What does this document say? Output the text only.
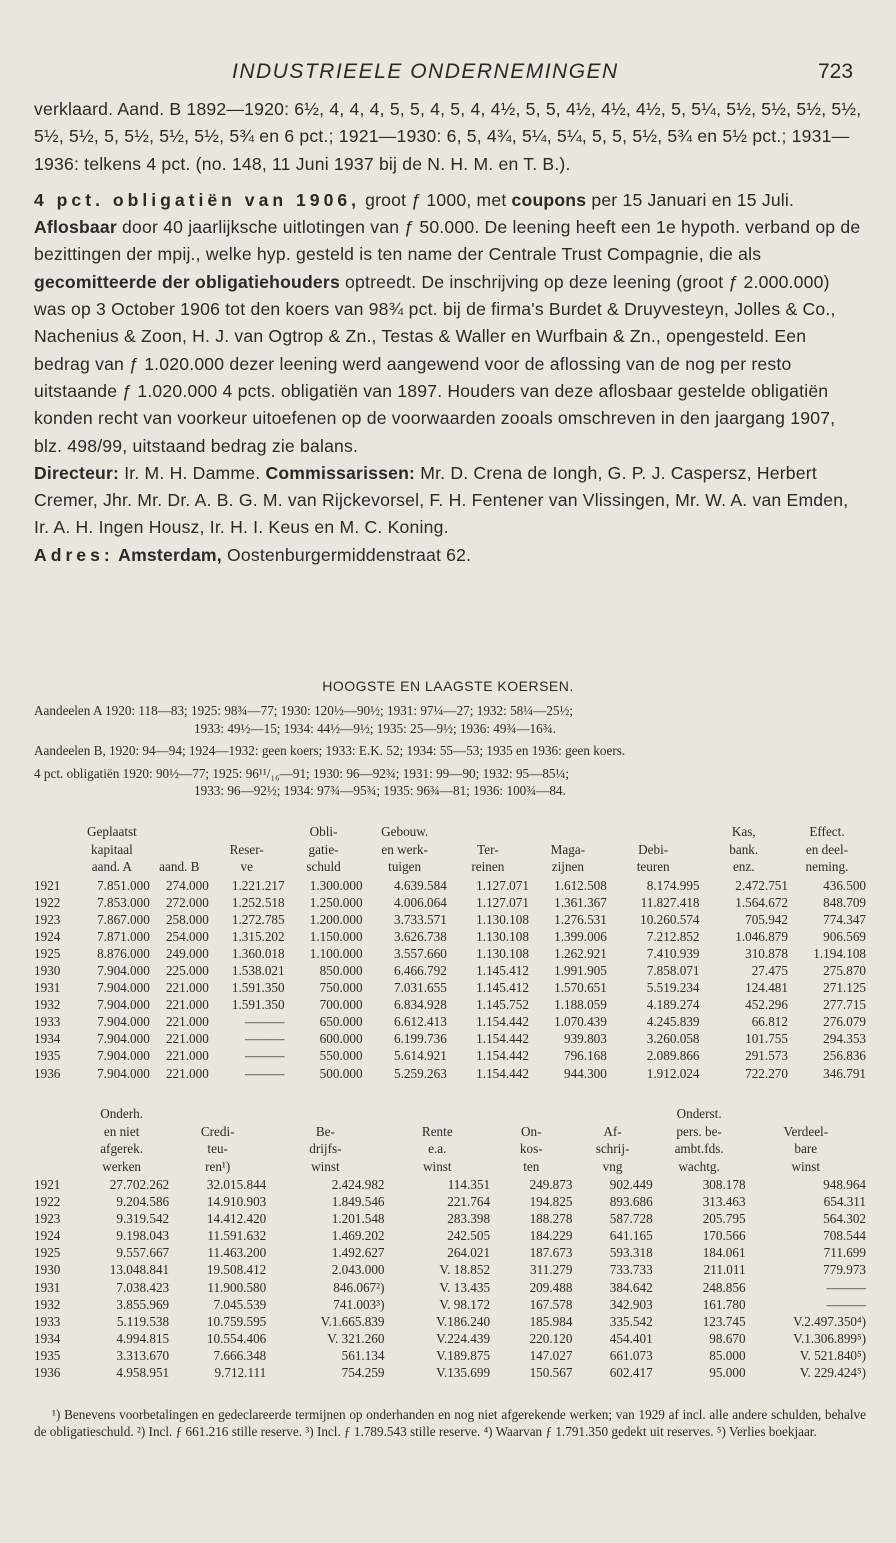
INDUSTRIEELE ONDERNEMINGEN	723

verklaard. Aand. B 1892—1920: 6½, 4, 4, 4, 5, 5, 4, 5, 4, 4½, 5, 5, 4½, 4½, 4½, 5, 5¼, 5½, 5½, 5½, 5½, 5½, 5½, 5, 5½, 5½, 5½, 5¾ en 6 pct.; 1921—1930: 6, 5, 4¾, 5¼, 5¼, 5, 5, 5½, 5¾ en 5½ pct.; 1931—1936: telkens 4 pct. (no. 148, 11 Juni 1937 bij de N. H. M. en T. B.).

4 pct. obligatiën van 1906, groot ƒ 1000, met coupons per 15 Januari en 15 Juli. Aflosbaar door 40 jaarlijksche uitlotingen van ƒ 50.000. De leening heeft een 1e hypoth. verband op de bezittingen der mpij., welke hyp. gesteld is ten name der Centrale Trust Compagnie, die als gecomitteerde der obligatiehouders optreedt. De inschrijving op deze leening (groot ƒ 2.000.000) was op 3 October 1906 tot den koers van 98¾ pct. bij de firma's Burdet & Druyvesteyn, Jolles & Co., Nachenius & Zoon, H. J. van Ogtrop & Zn., Testas & Waller en Wurfbain & Zn., opengesteld. Een bedrag van ƒ 1.020.000 dezer leening werd aangewend voor de aflossing van de nog per resto uitstaande ƒ 1.020.000 4 pcts. obligatiën van 1897. Houders van deze aflosbaar gestelde obligatiën konden recht van voorkeur uitoefenen op de voorwaarden zooals omschreven in den jaargang 1907, blz. 498/99, uitstaand bedrag zie balans.

Directeur: Ir. M. H. Damme. Commissarissen: Mr. D. Crena de Iongh, G. P. J. Caspersz, Herbert Cremer, Jhr. Mr. Dr. A. B. G. M. van Rijckevorsel, F. H. Fentener van Vlissingen, Mr. W. A. van Emden, Ir. A. H. Ingen Housz, Ir. H. I. Keus en M. C. Koning.

Adres: Amsterdam, Oostenburgermiddenstraat 62.

HOOGSTE EN LAAGSTE KOERSEN.
Aandeelen A 1920: 118—83; 1925: 98¾—77; 1930: 120½—90½; 1931: 97¼—27; 1932: 58¼—25½;
1933: 49½—15; 1934: 44½—9½; 1935: 25—9½; 1936: 49¾—16¾.
Aandeelen B, 1920: 94—94; 1924—1932: geen koers; 1933: E.K. 52; 1934: 55—53; 1935 en 1936: geen koers.
4 pct. obligatiën 1920: 90½—77; 1925: 96¹¹/₁₆—91; 1930: 96—92¾; 1931: 99—90; 1932: 95—85¼;
1933: 96—92½; 1934: 97¾—95¾; 1935: 96¾—81; 1936: 100¾—84.
	Geplaatst			Obli-	Gebouw.				Kas,	Effect.
	kapitaal		Reser-	gatie-	en werk-	Ter-	Maga-	Debi-	bank.	en deel-
	aand. A	aand. B	ve	schuld	tuigen	reinen	zijnen	teuren	enz.	neming.
1921	7.851.000	274.000	1.221.217	1.300.000	4.639.584	1.127.071	1.612.508	8.174.995	2.472.751	436.500
1922	7.853.000	272.000	1.252.518	1.250.000	4.006.064	1.127.071	1.361.367	11.827.418	1.564.672	848.709
1923	7.867.000	258.000	1.272.785	1.200.000	3.733.571	1.130.108	1.276.531	10.260.574	705.942	774.347
1924	7.871.000	254.000	1.315.202	1.150.000	3.626.738	1.130.108	1.399.006	7.212.852	1.046.879	906.569
1925	8.876.000	249.000	1.360.018	1.100.000	3.557.660	1.130.108	1.262.921	7.410.939	310.878	1.194.108
1930	7.904.000	225.000	1.538.021	850.000	6.466.792	1.145.412	1.991.905	7.858.071	27.475	275.870
1931	7.904.000	221.000	1.591.350	750.000	7.031.655	1.145.412	1.570.651	5.519.234	124.481	271.125
1932	7.904.000	221.000	1.591.350	700.000	6.834.928	1.145.752	1.188.059	4.189.274	452.296	277.715
1933	7.904.000	221.000	———	650.000	6.612.413	1.154.442	1.070.439	4.245.839	66.812	276.079
1934	7.904.000	221.000	———	600.000	6.199.736	1.154.442	939.803	3.260.058	101.755	294.353
1935	7.904.000	221.000	———	550.000	5.614.921	1.154.442	796.168	2.089.866	291.573	256.836
1936	7.904.000	221.000	———	500.000	5.259.263	1.154.442	944.300	1.912.024	722.270	346.791
	Onderh.						Onderst.	
	en niet	Credi-	Be-	Rente	On-	Af-	pers. be-	Verdeel-
	afgerek.	teu-	drijfs-	e.a.	kos-	schrij-	ambt.fds.	bare
	werken	ren¹)	winst	winst	ten	vng	wachtg.	winst
1921	27.702.262	32.015.844	2.424.982	114.351	249.873	902.449	308.178	948.964
1922	9.204.586	14.910.903	1.849.546	221.764	194.825	893.686	313.463	654.311
1923	9.319.542	14.412.420	1.201.548	283.398	188.278	587.728	205.795	564.302
1924	9.198.043	11.591.632	1.469.202	242.505	184.229	641.165	170.566	708.544
1925	9.557.667	11.463.200	1.492.627	264.021	187.673	593.318	184.061	711.699
1930	13.048.841	19.508.412	2.043.000	V. 18.852	311.279	733.733	211.011	779.973
1931	7.038.423	11.900.580	846.067²)	V. 13.435	209.488	384.642	248.856	———
1932	3.855.969	7.045.539	741.003³)	V. 98.172	167.578	342.903	161.780	———
1933	5.119.538	10.759.595	V.1.665.839	V.186.240	185.984	335.542	123.745	V.2.497.350⁴)
1934	4.994.815	10.554.406	V. 321.260	V.224.439	220.120	454.401	98.670	V.1.306.899⁵)
1935	3.313.670	7.666.348	561.134	V.189.875	147.027	661.073	85.000	V. 521.840⁵)
1936	4.958.951	9.712.111	754.259	V.135.699	150.567	602.417	95.000	V. 229.424⁵)

¹) Benevens voorbetalingen en gedeclareerde termijnen op onderhanden en nog niet afgerekende werken; van 1929 af incl. alle andere schulden, behalve de obligatieschuld. ²) Incl. ƒ 661.216 stille reserve. ³) Incl. ƒ 1.789.543 stille reserve. ⁴) Waarvan ƒ 1.791.350 gedekt uit reserves. ⁵) Verlies boekjaar.
